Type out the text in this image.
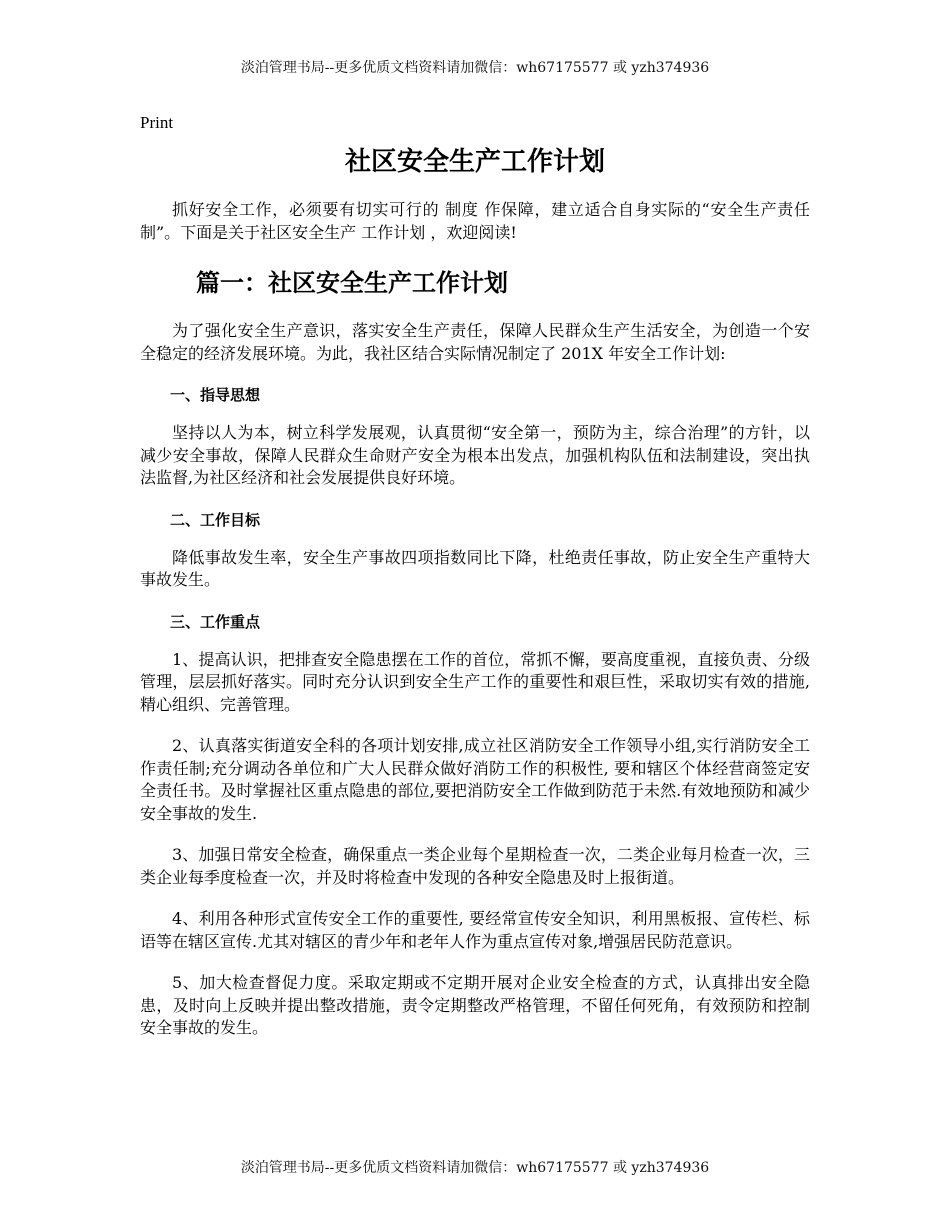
淡泊管理书局--更多优质文档资料请加微信：wh67175577 或 yzh374936
Print
社区安全生产工作计划

抓好安全工作，必须要有切实可行的 制度 作保障，建立适合自身实际的“安全生产责任制”。下面是关于社区安全生产 工作计划 ，欢迎阅读!

篇一：社区安全生产工作计划

为了强化安全生产意识，落实安全生产责任，保障人民群众生产生活安全，为创造一个安全稳定的经济发展环境。为此，我社区结合实际情况制定了 201X 年安全工作计划:

一、指导思想

坚持以人为本，树立科学发展观，认真贯彻“安全第一，预防为主，综合治理”的方针，以减少安全事故，保障人民群众生命财产安全为根本出发点，加强机构队伍和法制建设，突出执法监督,为社区经济和社会发展提供良好环境。

二、工作目标

降低事故发生率，安全生产事故四项指数同比下降，杜绝责任事故，防止安全生产重特大事故发生。

三、工作重点

1、提高认识，把排查安全隐患摆在工作的首位，常抓不懈，要高度重视，直接负责、分级管理，层层抓好落实。同时充分认识到安全生产工作的重要性和艰巨性，采取切实有效的措施,精心组织、完善管理。

2、认真落实街道安全科的各项计划安排,成立社区消防安全工作领导小组,实行消防安全工作责任制;充分调动各单位和广大人民群众做好消防工作的积极性, 要和辖区个体经营商签定安全责任书。及时掌握社区重点隐患的部位,要把消防安全工作做到防范于未然.有效地预防和减少安全事故的发生.

3、加强日常安全检查，确保重点一类企业每个星期检查一次，二类企业每月检查一次，三类企业每季度检查一次，并及时将检查中发现的各种安全隐患及时上报街道。

4、利用各种形式宣传安全工作的重要性, 要经常宣传安全知识，利用黑板报、宣传栏、标语等在辖区宣传.尤其对辖区的青少年和老年人作为重点宣传对象,增强居民防范意识。

5、加大检查督促力度。采取定期或不定期开展对企业安全检查的方式，认真排出安全隐患，及时向上反映并提出整改措施，责令定期整改严格管理，不留任何死角，有效预防和控制安全事故的发生。

淡泊管理书局--更多优质文档资料请加微信：wh67175577 或 yzh374936
